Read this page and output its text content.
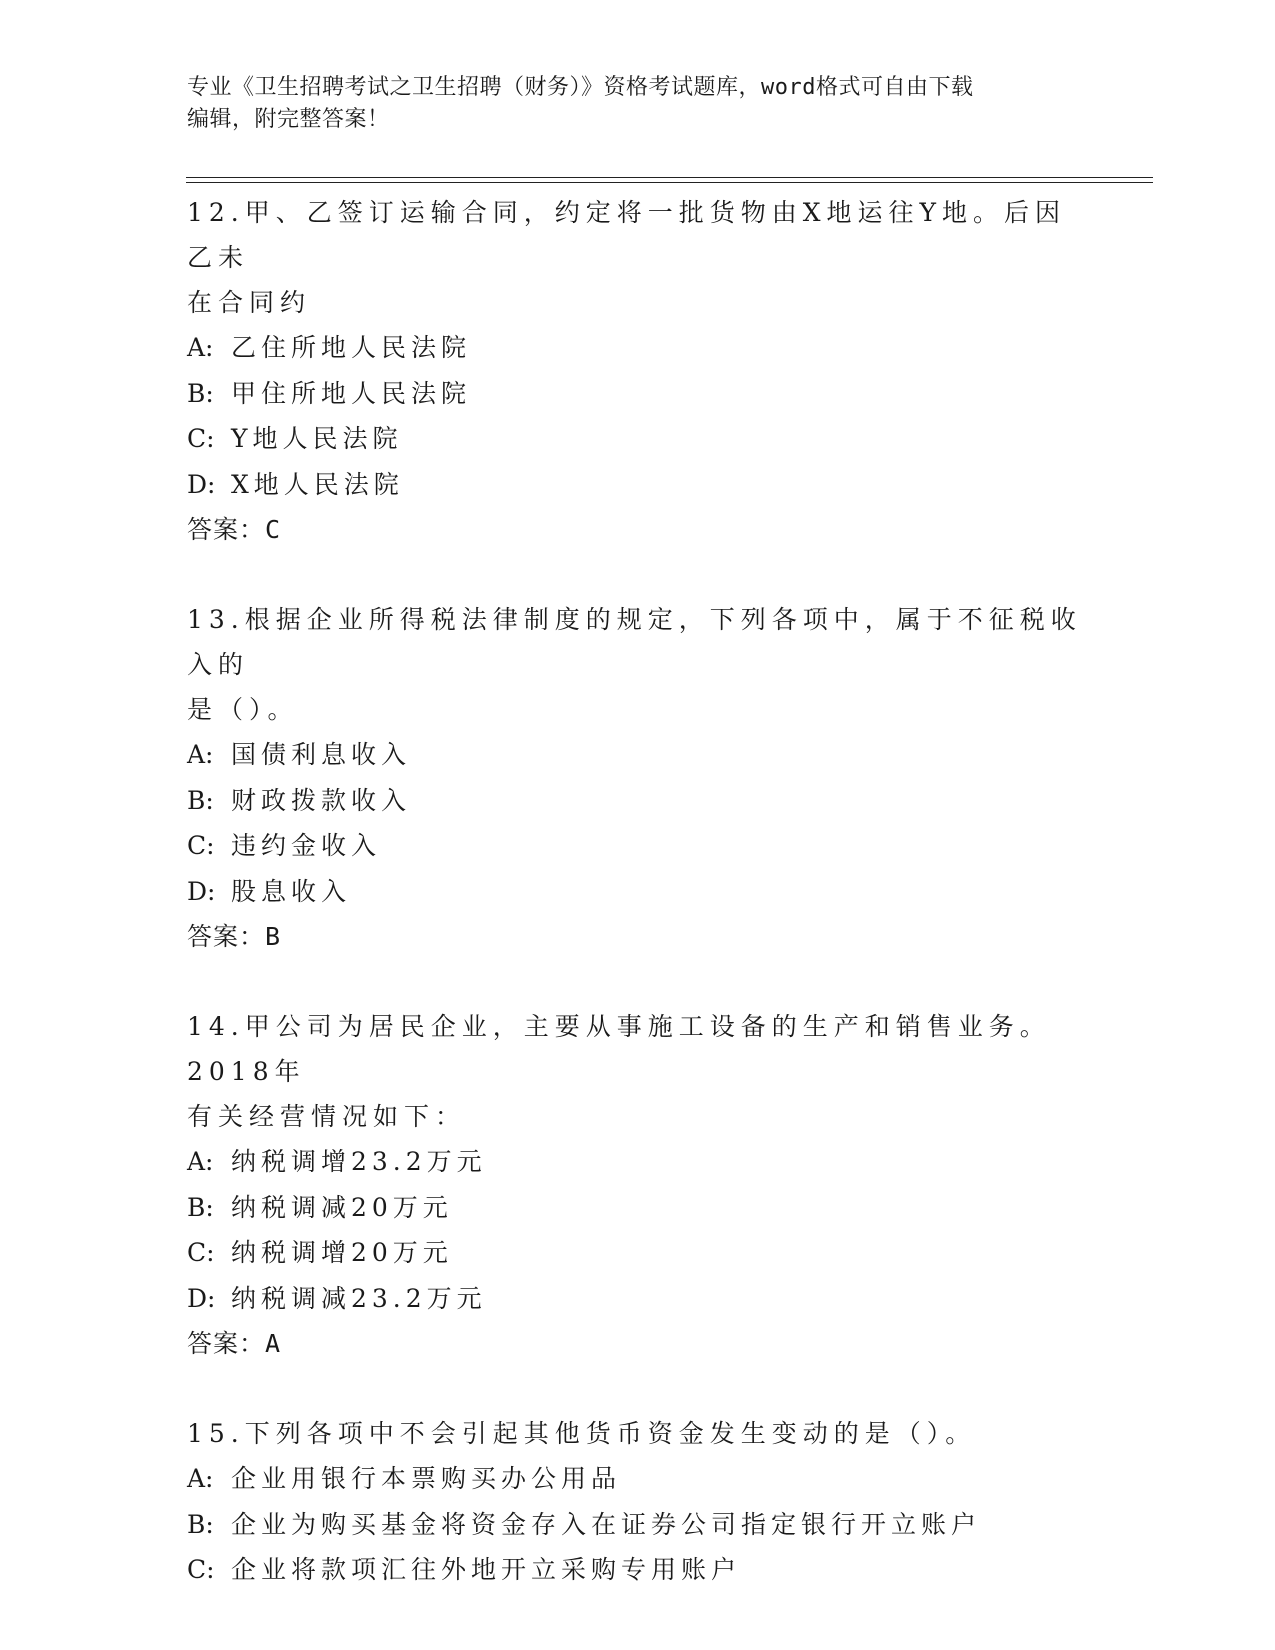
专业《卫生招聘考试之卫生招聘（财务）》资格考试题库，word格式可自由下载
编辑，附完整答案！

12.甲、乙签订运输合同，约定将一批货物由X地运往Y地。后因乙未

在合同约

A: 乙住所地人民法院

B: 甲住所地人民法院

C: Y地人民法院

D: X地人民法院

答案：C

13.根据企业所得税法律制度的规定，下列各项中，属于不征税收入的

是（）。

A: 国债利息收入

B: 财政拨款收入

C: 违约金收入

D: 股息收入

答案：B

14.甲公司为居民企业，主要从事施工设备的生产和销售业务。2018年

有关经营情况如下：

A: 纳税调增23.2万元

B: 纳税调减20万元

C: 纳税调增20万元

D: 纳税调减23.2万元

答案：A

15.下列各项中不会引起其他货币资金发生变动的是（）。

A: 企业用银行本票购买办公用品

B: 企业为购买基金将资金存入在证券公司指定银行开立账户

C: 企业将款项汇往外地开立采购专用账户
